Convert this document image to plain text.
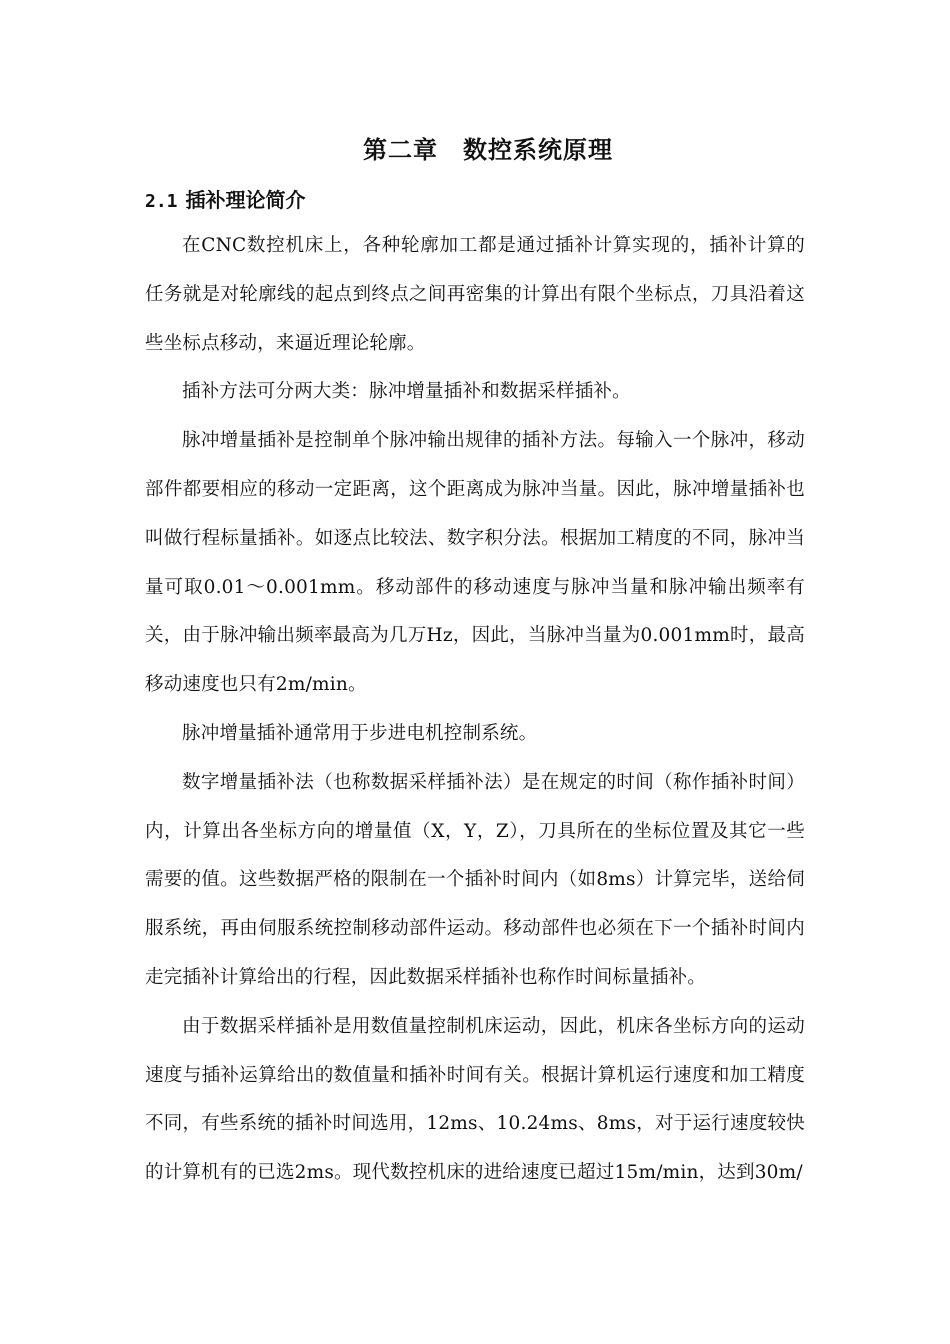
第二章　数控系统原理
2.1 插补理论简介

在CNC数控机床上，各种轮廓加工都是通过插补计算实现的，插补计算的任务就是对轮廓线的起点到终点之间再密集的计算出有限个坐标点，刀具沿着这些坐标点移动，来逼近理论轮廓。

插补方法可分两大类：脉冲增量插补和数据采样插补。

脉冲增量插补是控制单个脉冲输出规律的插补方法。每输入一个脉冲，移动部件都要相应的移动一定距离，这个距离成为脉冲当量。因此，脉冲增量插补也叫做行程标量插补。如逐点比较法、数字积分法。根据加工精度的不同，脉冲当量可取0.01～0.001mm。移动部件的移动速度与脉冲当量和脉冲输出频率有关，由于脉冲输出频率最高为几万Hz，因此，当脉冲当量为0.001mm时，最高移动速度也只有2m/min。

脉冲增量插补通常用于步进电机控制系统。

数字增量插补法（也称数据采样插补法）是在规定的时间（称作插补时间）内，计算出各坐标方向的增量值（X，Y，Z），刀具所在的坐标位置及其它一些需要的值。这些数据严格的限制在一个插补时间内（如8ms）计算完毕，送给伺服系统，再由伺服系统控制移动部件运动。移动部件也必须在下一个插补时间内走完插补计算给出的行程，因此数据采样插补也称作时间标量插补。

由于数据采样插补是用数值量控制机床运动，因此，机床各坐标方向的运动速度与插补运算给出的数值量和插补时间有关。根据计算机运行速度和加工精度不同，有些系统的插补时间选用，12ms、10.24ms、8ms，对于运行速度较快的计算机有的已选2ms。现代数控机床的进给速度已超过15m/min，达到30m/
